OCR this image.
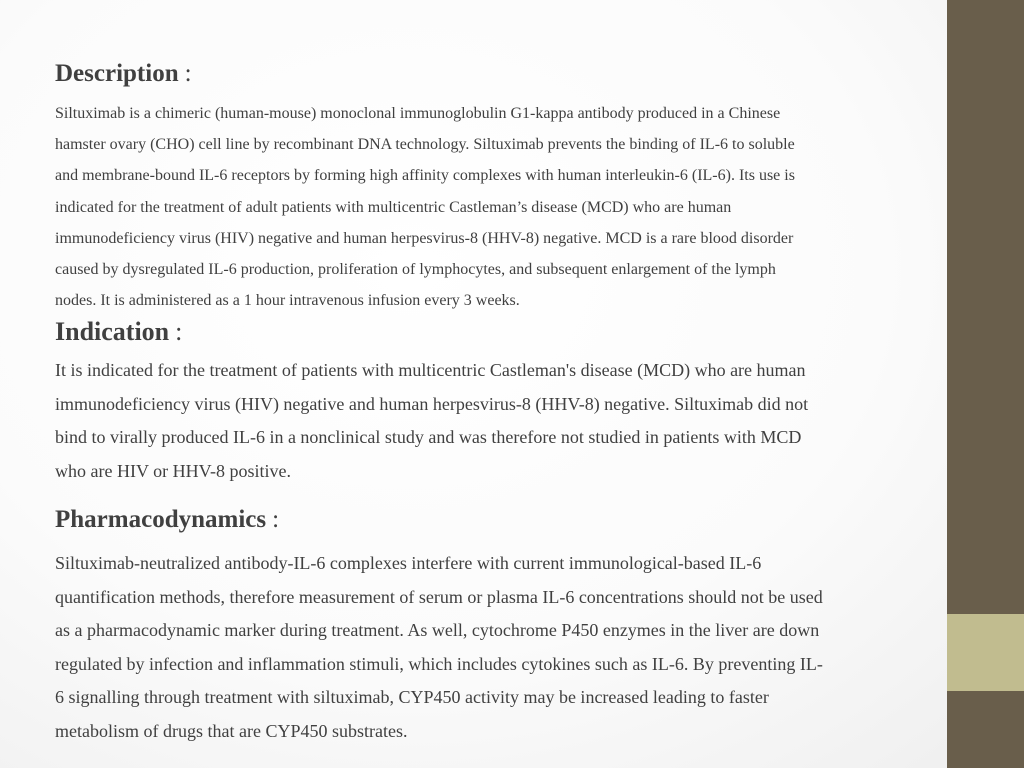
Description :
Siltuximab is a chimeric (human-mouse) monoclonal immunoglobulin G1-kappa antibody produced in a Chinese
hamster ovary (CHO) cell line by recombinant DNA technology. Siltuximab prevents the binding of IL-6 to soluble
and membrane-bound IL-6 receptors by forming high affinity complexes with human interleukin-6 (IL-6). Its use is
indicated for the treatment of adult patients with multicentric Castleman’s disease (MCD) who are human
immunodeficiency virus (HIV) negative and human herpesvirus-8 (HHV-8) negative. MCD is a rare blood disorder
caused by dysregulated IL-6 production, proliferation of lymphocytes, and subsequent enlargement of the lymph
nodes. It is administered as a 1 hour intravenous infusion every 3 weeks.
Indication :
It is indicated for the treatment of patients with multicentric Castleman's disease (MCD) who are human
immunodeficiency virus (HIV) negative and human herpesvirus-8 (HHV-8) negative. Siltuximab did not
bind to virally produced IL-6 in a nonclinical study and was therefore not studied in patients with MCD
who are HIV or HHV-8 positive.
Pharmacodynamics :
Siltuximab-neutralized antibody-IL-6 complexes interfere with current immunological-based IL-6
quantification methods, therefore measurement of serum or plasma IL-6 concentrations should not be used
as a pharmacodynamic marker during treatment. As well, cytochrome P450 enzymes in the liver are down
regulated by infection and inflammation stimuli, which includes cytokines such as IL-6. By preventing IL-
6 signalling through treatment with siltuximab, CYP450 activity may be increased leading to faster
metabolism of drugs that are CYP450 substrates.
